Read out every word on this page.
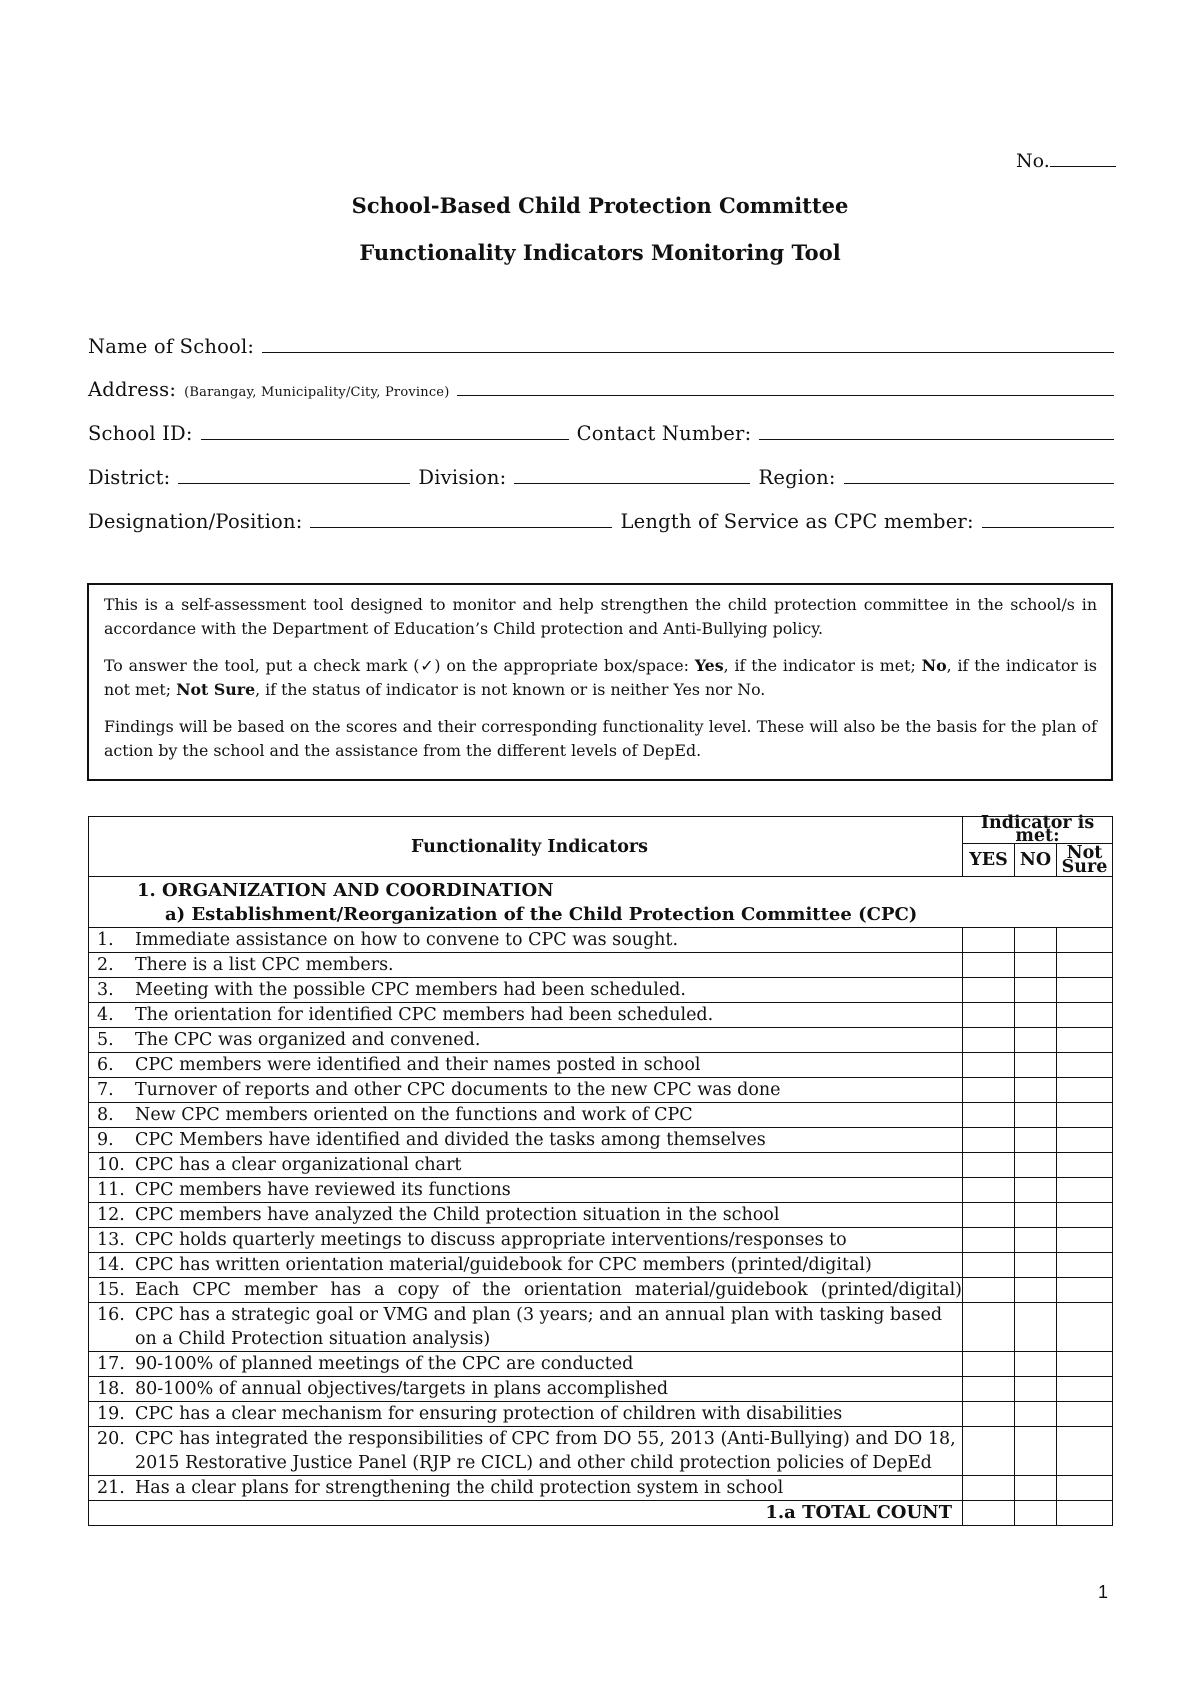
No.
School-Based Child Protection Committee
Functionality Indicators Monitoring Tool
Name of School:
Address: (Barangay, Municipality/City, Province)
School ID:	Contact Number:
District:	Division:	Region:
Designation/Position:	Length of Service as CPC member:

This is a self-assessment tool designed to monitor and help strengthen the child protection committee in the school/s in accordance with the Department of Education’s Child protection and Anti-Bullying policy.

To answer the tool, put a check mark (✓) on the appropriate box/space: Yes, if the indicator is met; No, if the indicator is not met; Not Sure, if the status of indicator is not known or is neither Yes nor No.

Findings will be based on the scores and their corresponding functionality level. These will also be the basis for the plan of action by the school and the assistance from the different levels of DepEd.

Functionality Indicators	Indicator is met:		
	YES	NO	Not Sure
1. ORGANIZATION AND COORDINATION
a) Establishment/Reorganization of the Child Protection Committee (CPC)			

1. Immediate assistance on how to convene to CPC was sought.			

2. There is a list CPC members.			

3. Meeting with the possible CPC members had been scheduled.			

4. The orientation for identified CPC members had been scheduled.			

5. The CPC was organized and convened.			

6. CPC members were identified and their names posted in school			

7. Turnover of reports and other CPC documents to the new CPC was done			

8. New CPC members oriented on the functions and work of CPC			

9. CPC Members have identified and divided the tasks among themselves			

10. CPC has a clear organizational chart			

11. CPC members have reviewed its functions			

12. CPC members have analyzed the Child protection situation in the school			

13. CPC holds quarterly meetings to discuss appropriate interventions/responses to			

14. CPC has written orientation material/guidebook for CPC members (printed/digital)			

15. Each CPC member has a copy of the orientation material/guidebook (printed/digital)			

16. CPC has a strategic goal or VMG and plan (3 years; and an annual plan with tasking based on a Child Protection situation analysis)			

17. 90-100% of planned meetings of the CPC are conducted			

18. 80-100% of annual objectives/targets in plans accomplished			

19. CPC has a clear mechanism for ensuring protection of children with disabilities			

20. CPC has integrated the responsibilities of CPC from DO 55, 2013 (Anti-Bullying) and DO 18, 2015 Restorative Justice Panel (RJP re CICL) and other child protection policies of DepEd			

21. Has a clear plans for strengthening the child protection system in school			

1.a TOTAL COUNT			
1
